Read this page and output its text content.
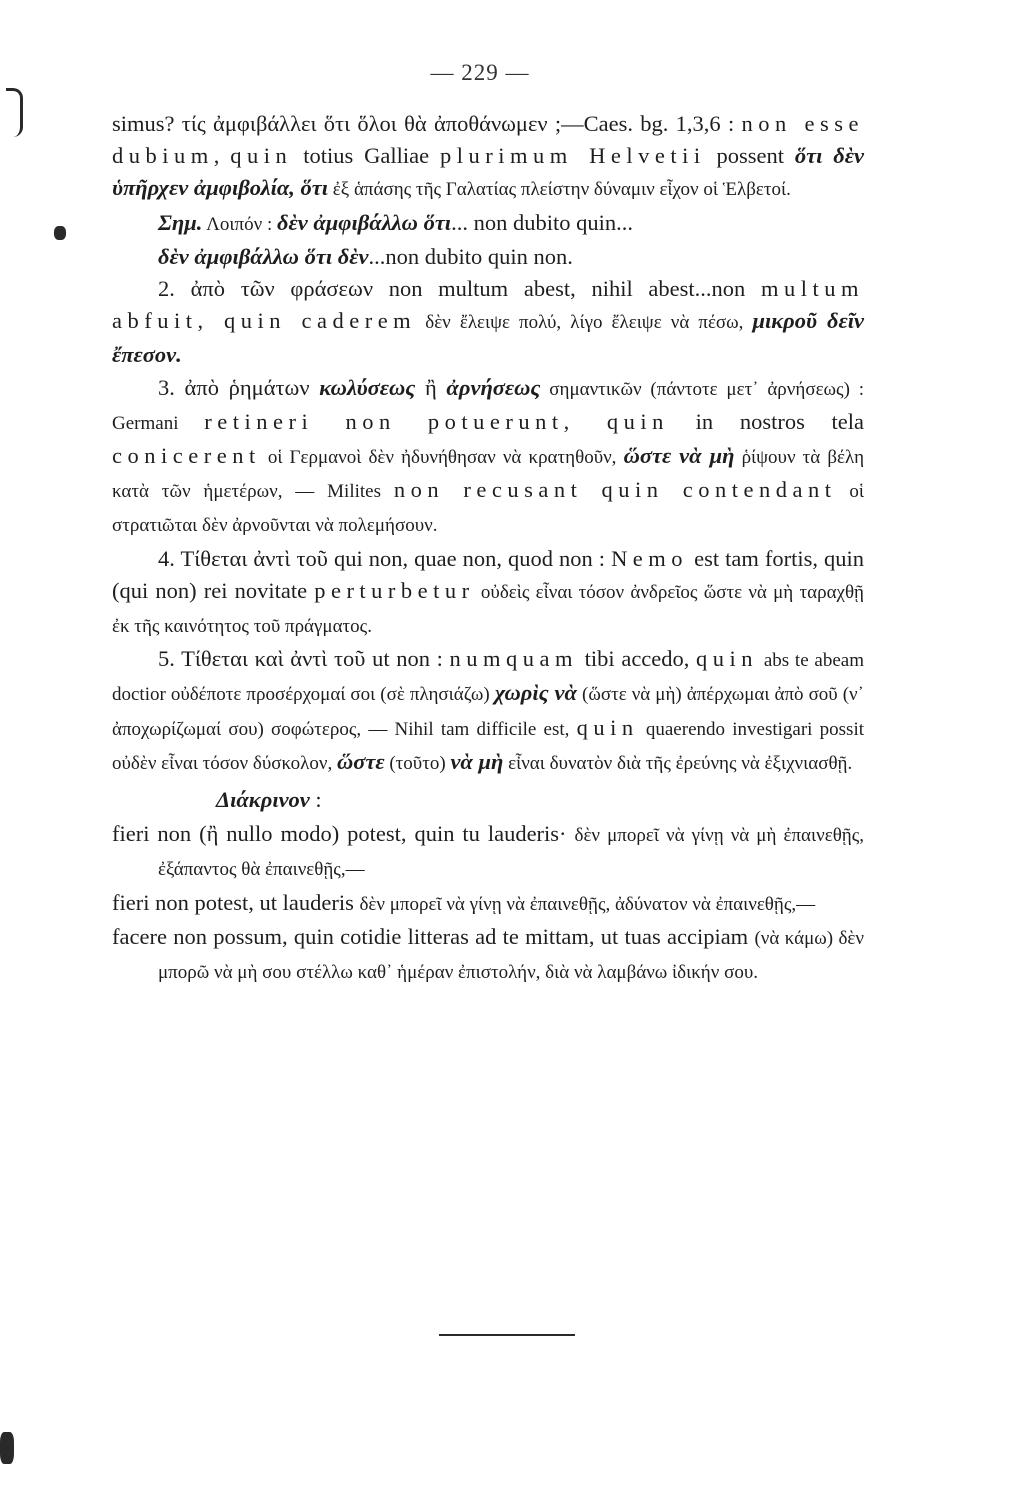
— 229 —

simus? τίς ἀμφιβάλλει ὅτι ὅλοι θὰ ἀποθάνωμεν ;—Caes. bg. 1,3,6 : non esse dubium, quin totius Galliae plurimum Helvetii possent ὅτι δὲν ὑπῆρχεν ἀμφιβολία, ὅτι ἐξ ἁπάσης τῆς Γαλατίας πλείστην δύναμιν εἶχον οἱ Ἑλβετοί.

Σημ. Λοιπόν : δὲν ἀμφιβάλλω ὅτι... non dubito quin...

δὲν ἀμφιβάλλω ὅτι δὲν...non dubito quin non.

2. ἀπὸ τῶν φράσεων non multum abest, nihil abest...non multum abfuit, quin caderem δὲν ἔλειψε πολύ, λίγο ἔλειψε νὰ πέσω, μικροῦ δεῖν ἔπεσον.

3. ἀπὸ ῥημάτων κωλύσεως ἢ ἀρνήσεως σημαντικῶν (πάντοτε μετ᾿ ἀρνήσεως) : Germani retineri non potuerunt, quin in nostros tela conicerent οἱ Γερμανοὶ δὲν ἠδυνήθησαν νὰ κρατηθοῦν, ὥστε νὰ μὴ ῥίψουν τὰ βέλη κατὰ τῶν ἡμετέρων, — Milites non recusant quin contendant οἱ στρατιῶται δὲν ἀρνοῦνται νὰ πολεμήσουν.

4. Τίθεται ἀντὶ τοῦ qui non, quae non, quod non : Nemo est tam fortis, quin (qui non) rei novitate perturbetur οὐδεὶς εἶναι τόσον ἀνδρεῖος ὥστε νὰ μὴ ταραχθῇ ἐκ τῆς καινότητος τοῦ πράγματος.

5. Τίθεται καὶ ἀντὶ τοῦ ut non : numquam tibi accedo, quin abs te abeam doctior οὐδέποτε προσέρχομαί σοι (σὲ πλησιάζω) χωρὶς νὰ (ὥστε νὰ μὴ) ἀπέρχωμαι ἀπὸ σοῦ (ν᾿ ἀποχωρίζωμαί σου) σοφώτερος, — Nihil tam difficile est, quin quaerendo investigari possit οὐδὲν εἶναι τόσον δύσκολον, ὥστε (τοῦτο) νὰ μὴ εἶναι δυνατὸν διὰ τῆς ἐρεύνης νὰ ἐξιχνιασθῇ.

Διάκρινον :

fieri non (ἢ nullo modo) potest, quin tu lauderis· δὲν μπορεῖ νὰ γίνῃ νὰ μὴ ἐπαινεθῇς, ἐξάπαντος θὰ ἐπαινεθῇς,—

fieri non potest, ut lauderis δὲν μπορεῖ νὰ γίνῃ νὰ ἐπαινεθῇς, ἀδύνατον νὰ ἐπαινεθῇς,—

facere non possum, quin cotidie litteras ad te mittam, ut tuas accipiam (νὰ κάμω) δὲν μπορῶ νὰ μὴ σου στέλλω καθ᾿ ἡμέραν ἐπιστολήν, διὰ νὰ λαμβάνω ἰδικήν σου.
